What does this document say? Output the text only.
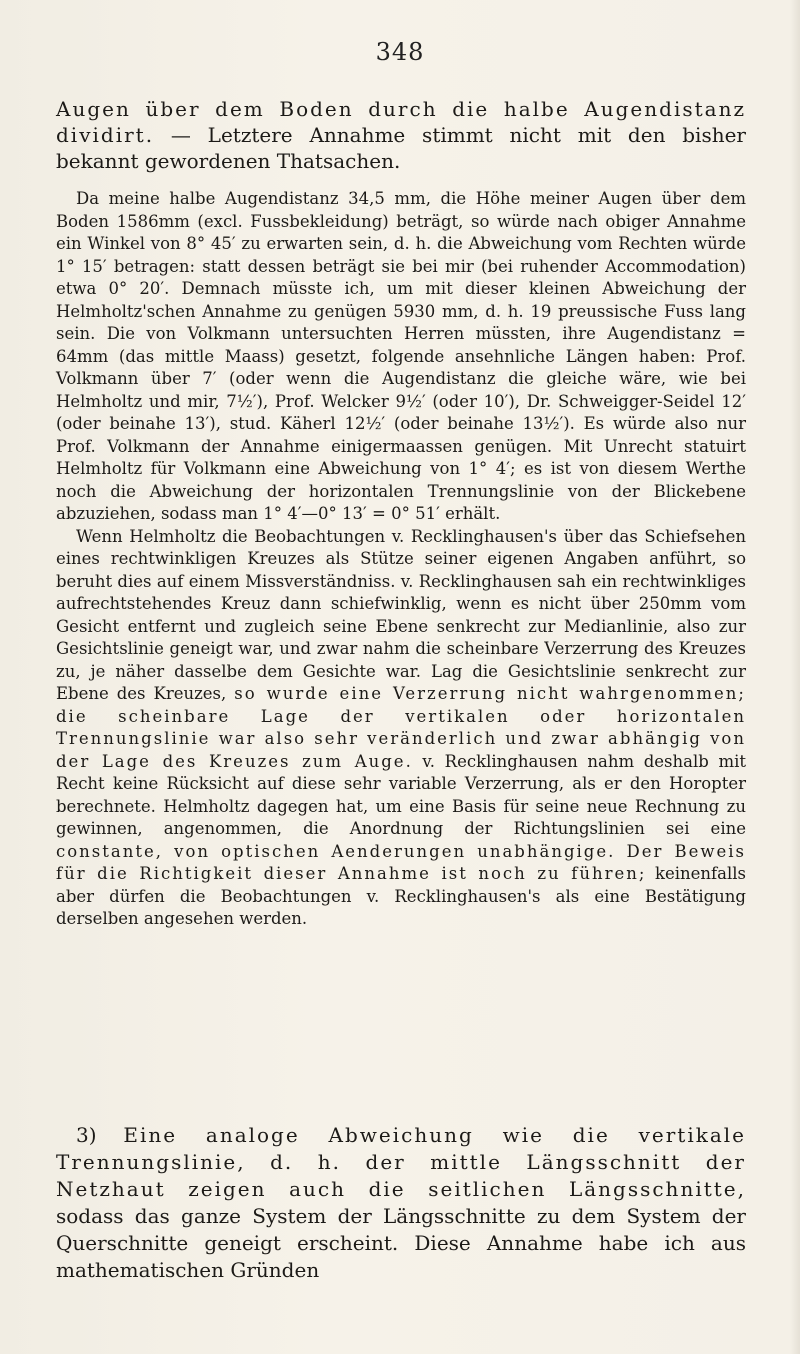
348

Augen über dem Boden durch die halbe Augendistanz dividirt. — Letztere Annahme stimmt nicht mit den bisher bekannt gewordenen Thatsachen.

Da meine halbe Augendistanz 34,5 mm, die Höhe meiner Augen über dem Boden 1586mm (excl. Fussbekleidung) beträgt, so würde nach obiger Annahme ein Winkel von 8° 45′ zu erwarten sein, d. h. die Abweichung vom Rechten würde 1° 15′ betragen: statt dessen beträgt sie bei mir (bei ruhender Accommodation) etwa 0° 20′. Demnach müsste ich, um mit dieser kleinen Abweichung der Helmholtz'schen Annahme zu genügen 5930 mm, d. h. 19 preussische Fuss lang sein. Die von Volkmann untersuchten Herren müssten, ihre Augendistanz = 64mm (das mittle Maass) gesetzt, folgende ansehnliche Längen haben: Prof. Volkmann über 7′ (oder wenn die Augendistanz die gleiche wäre, wie bei Helmholtz und mir, 7½′), Prof. Welcker 9½′ (oder 10′), Dr. Schweigger-Seidel 12′ (oder beinahe 13′), stud. Käherl 12½′ (oder beinahe 13½′). Es würde also nur Prof. Volkmann der Annahme einigermaassen genügen. Mit Unrecht statuirt Helmholtz für Volkmann eine Abweichung von 1° 4′; es ist von diesem Werthe noch die Abweichung der horizontalen Trennungslinie von der Blickebene abzuziehen, sodass man 1° 4′—0° 13′ = 0° 51′ erhält.

Wenn Helmholtz die Beobachtungen v. Recklinghausen's über das Schiefsehen eines rechtwinkligen Kreuzes als Stütze seiner eigenen Angaben anführt, so beruht dies auf einem Missverständniss. v. Recklinghausen sah ein rechtwinkliges aufrechtstehendes Kreuz dann schiefwinklig, wenn es nicht über 250mm vom Gesicht entfernt und zugleich seine Ebene senkrecht zur Medianlinie, also zur Gesichtslinie geneigt war, und zwar nahm die scheinbare Verzerrung des Kreuzes zu, je näher dasselbe dem Gesichte war. Lag die Gesichtslinie senkrecht zur Ebene des Kreuzes, so wurde eine Verzerrung nicht wahrgenommen; die scheinbare Lage der vertikalen oder horizontalen Trennungslinie war also sehr veränderlich und zwar abhängig von der Lage des Kreuzes zum Auge. v. Recklinghausen nahm deshalb mit Recht keine Rücksicht auf diese sehr variable Verzerrung, als er den Horopter berechnete. Helmholtz dagegen hat, um eine Basis für seine neue Rechnung zu gewinnen, angenommen, die Anordnung der Richtungslinien sei eine constante, von optischen Aenderungen unabhängige. Der Beweis für die Richtigkeit dieser Annahme ist noch zu führen; keinenfalls aber dürfen die Beobachtungen v. Recklinghausen's als eine Bestätigung derselben angesehen werden.

3) Eine analoge Abweichung wie die vertikale Trennungslinie, d. h. der mittle Längsschnitt der Netzhaut zeigen auch die seitlichen Längsschnitte, sodass das ganze System der Längsschnitte zu dem System der Querschnitte geneigt erscheint. Diese Annahme habe ich aus mathematischen Gründen
